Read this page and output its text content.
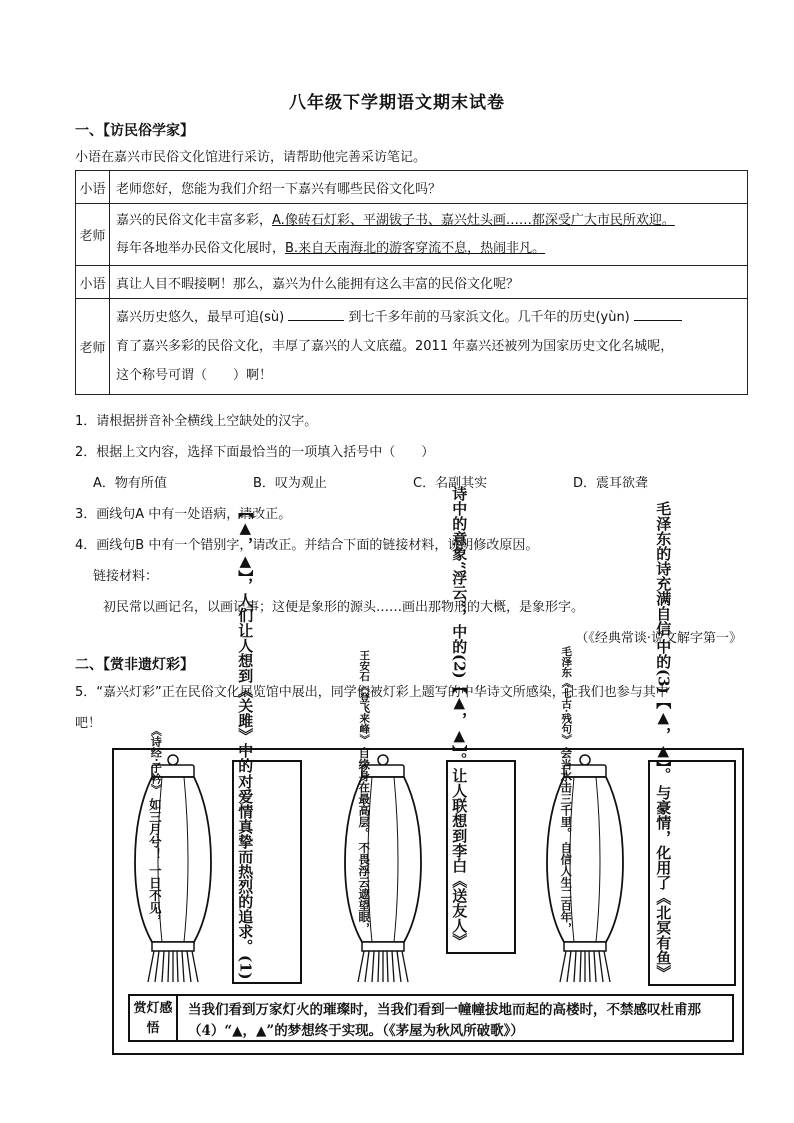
八年级下学期语文期末试卷
一、【访民俗学家】
小语在嘉兴市民俗文化馆进行采访，请帮助他完善采访笔记。
小语	老师您好，您能为我们介绍一下嘉兴有哪些民俗文化吗？
老师	嘉兴的民俗文化丰富多彩，A.像砖石灯彩、平湖钹子书、嘉兴灶头画……都深受广大市民所欢迎。
每年各地举办民俗文化展时，B.来自天南海北的游客穿流不息，热闹非凡。
小语	真让人目不暇接啊！那么，嘉兴为什么能拥有这么丰富的民俗文化呢？
老师	嘉兴历史悠久，最早可追(sù) 到七千多年前的马家浜文化。几千年的历史(yùn)
育了嘉兴多彩的民俗文化，丰厚了嘉兴的人文底蕴。2011 年嘉兴还被列为国家历史文化名城呢，
这个称号可谓（　　）啊！
1．请根据拼音补全横线上空缺处的汉字。
2．根据上文内容，选择下面最恰当的一项填入括号中（　　）
A．物有所值	B．叹为观止	C．名副其实	D．震耳欲聋
3．画线句A 中有一处语病，请改正。
4．画线句B 中有一个错别字，请改正。并结合下面的链接材料，说明修改原因。
链接材料：
初民常以画记名，以画记事；这便是象形的源头……画出那物形的大概，是象形字。
（《经典常谈·说文解字第一》
二、【赏非遗灯彩】
5．“嘉兴灯彩”正在民俗文化展览馆中展出，同学们被灯彩上题写的中华诗文所感染，让我们也参与其中
吧！
一日不见，
如三月兮！
《诗经·子衿》
(1)
对爱情真挚而热烈的追求。
让人想到《关雎》中的
【▲，▲】，人们
不畏浮云遮望眼，
自缘身在最高层。
王安石《登飞来峰》
让人联想到李白《送友人》
中的(2)【▲，▲】。
诗中的意象“浮云”，
自信人生二百年，
会当水击三千里。
毛泽东《七古·残句》
与豪情，化用了《北冥有鱼》
中的(3)【▲，▲】。
毛泽东的诗充满自信
赏灯感悟
当我们看到万家灯火的璀璨时，当我们看到一幢幢拔地而起的高楼时，不禁感叹杜甫那（4）“▲，▲”的梦想终于实现。（《茅屋为秋风所破歌》）
